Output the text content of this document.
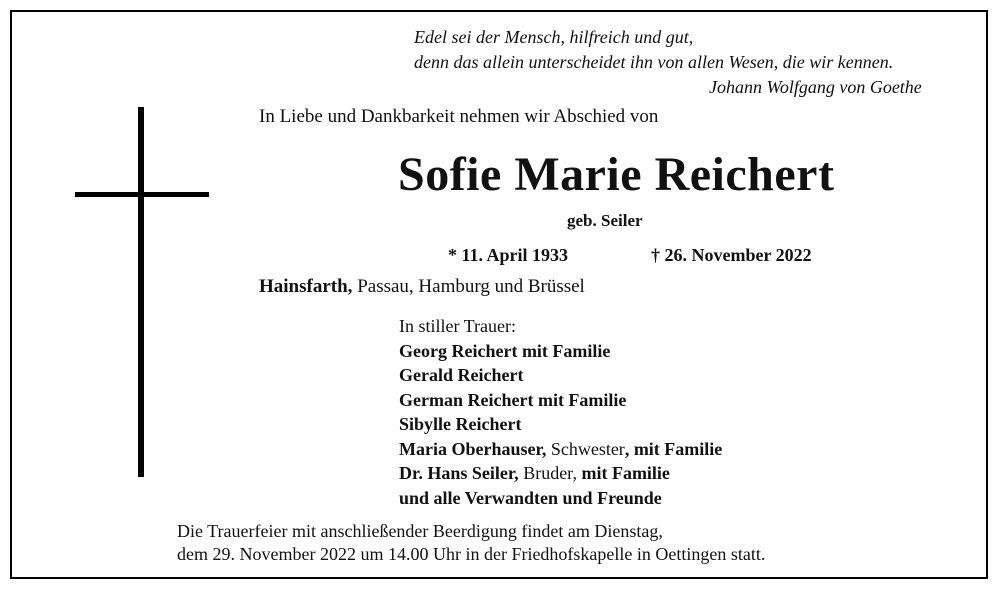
Edel sei der Mensch, hilfreich und gut,
denn das allein unterscheidet ihn von allen Wesen, die wir kennen.
Johann Wolfgang von Goethe
In Liebe und Dankbarkeit nehmen wir Abschied von
Sofie Marie Reichert
geb. Seiler
* 11. April 1933	† 26. November 2022
Hainsfarth, Passau, Hamburg und Brüssel
In stiller Trauer:
Georg Reichert mit Familie
Gerald Reichert
German Reichert mit Familie
Sibylle Reichert
Maria Oberhauser, Schwester, mit Familie
Dr. Hans Seiler, Bruder, mit Familie
und alle Verwandten und Freunde
Die Trauerfeier mit anschließender Beerdigung findet am Dienstag,
dem 29. November 2022 um 14.00 Uhr in der Friedhofskapelle in Oettingen statt.
